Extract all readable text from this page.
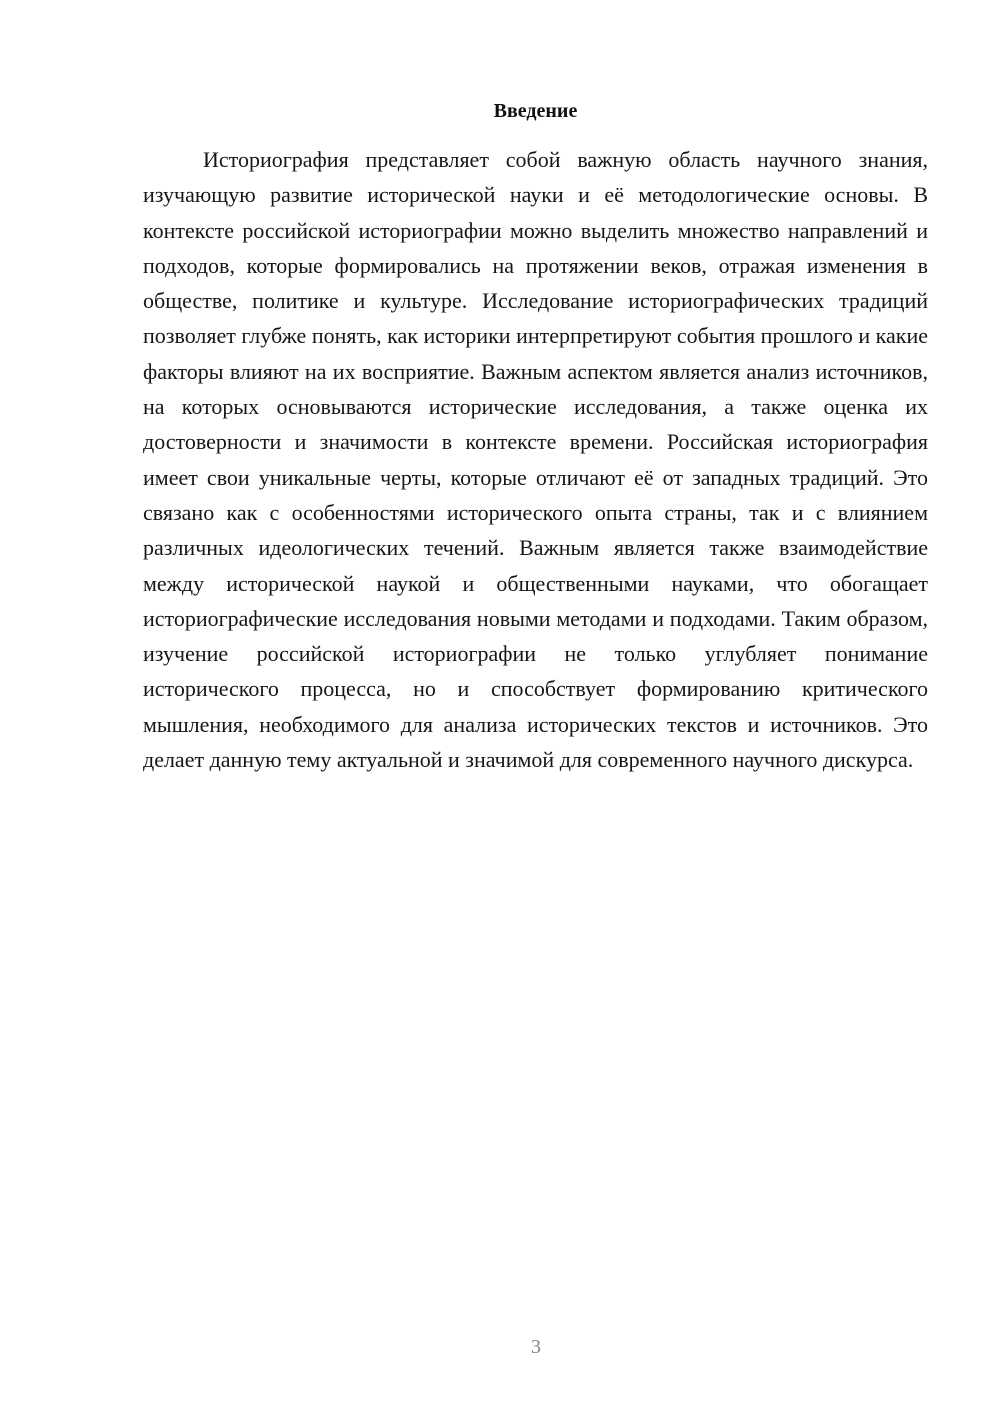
Введение

Историография представляет собой важную область научного знания, изучающую развитие исторической науки и её методологические основы. В контексте российской историографии можно выделить множество направлений и подходов, которые формировались на протяжении веков, отражая изменения в обществе, политике и культуре. Исследование историографических традиций позволяет глубже понять, как историки интерпретируют события прошлого и какие факторы влияют на их восприятие. Важным аспектом является анализ источников, на которых основываются исторические исследования, а также оценка их достоверности и значимости в контексте времени. Российская историография имеет свои уникальные черты, которые отличают её от западных традиций. Это связано как с особенностями исторического опыта страны, так и с влиянием различных идеологических течений. Важным является также взаимодействие между исторической наукой и общественными науками, что обогащает историографические исследования новыми методами и подходами. Таким образом, изучение российской историографии не только углубляет понимание исторического процесса, но и способствует формированию критического мышления, необходимого для анализа исторических текстов и источников. Это делает данную тему актуальной и значимой для современного научного дискурса.

3
